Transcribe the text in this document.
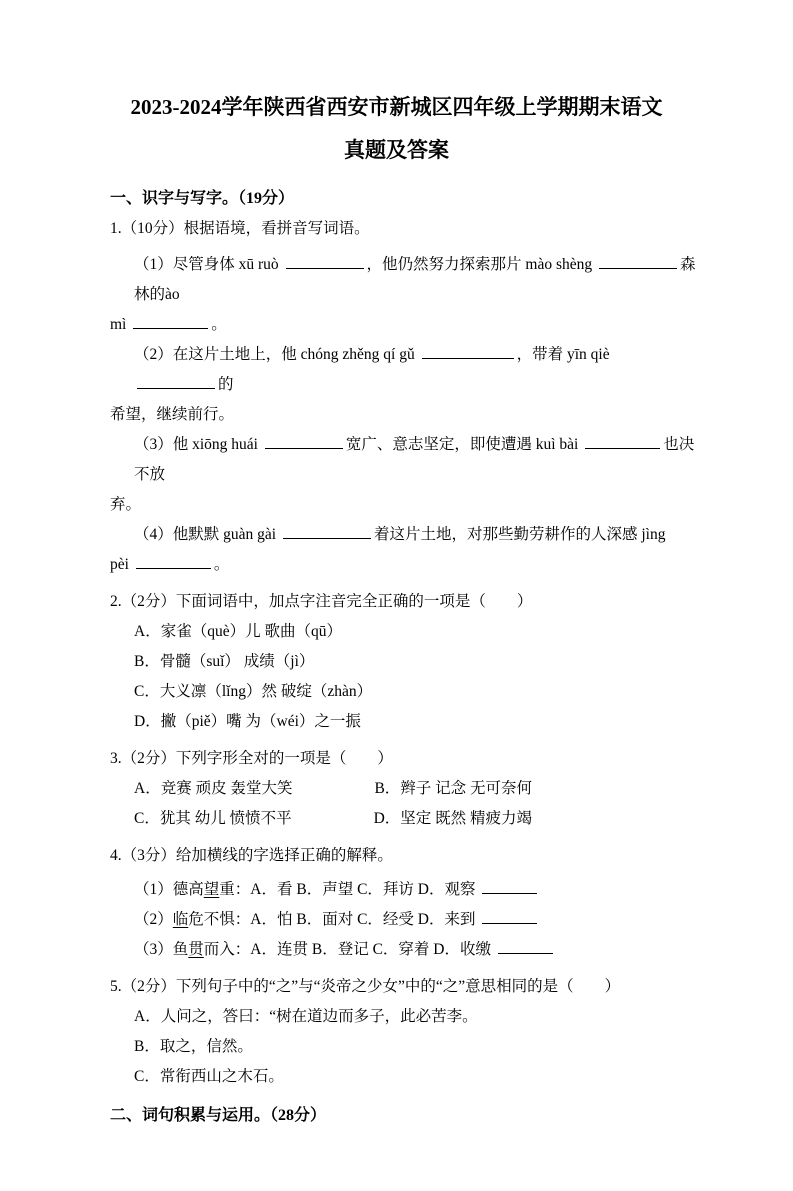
2023-2024学年陕西省西安市新城区四年级上学期期末语文
真题及答案
一、识字与写字。（19分）
1.（10分）根据语境，看拼音写词语。
（1）尽管身体 xū ruò	，他仍然努力探索那片 mào shèng	森林的ào
mì	。
（2）在这片土地上，他 chóng zhěng qí gǔ	，带着 yīn qiè 的
希望，继续前行。
（3）他 xiōng huái	宽广、意志坚定，即使遭遇 kuì bài	也决不放
弃。
（4）他默默 guàn gài	着这片土地，对那些勤劳耕作的人深感 jìng
pèi	。
2.（2分）下面词语中，加点字注音完全正确的一项是（　　）
A．家雀（què）儿 歌曲（qū）
B．骨髓（suǐ） 成绩（jì）
C．大义凛（lǐng）然 破绽（zhàn）
D．撇（piě）嘴 为（wéi）之一振
3.（2分）下列字形全对的一项是（　　）
A．竞赛 顽皮 轰堂大笑	B．辫子 记念 无可奈何
C．犹其 幼儿 愤愤不平	D．坚定 既然 精疲力竭
4.（3分）给加横线的字选择正确的解释。
（1）德高望重：A．看 B．声望 C．拜访 D．观察
（2）临危不惧：A．怕 B．面对 C．经受 D．来到
（3）鱼贯而入：A．连贯 B．登记 C．穿着 D．收缴
5.（2分）下列句子中的“之”与“炎帝之少女”中的“之”意思相同的是（　　）
A．人问之，答曰：“树在道边而多子，此必苦李。
B．取之，信然。
C．常衔西山之木石。
二、词句积累与运用。（28分）
